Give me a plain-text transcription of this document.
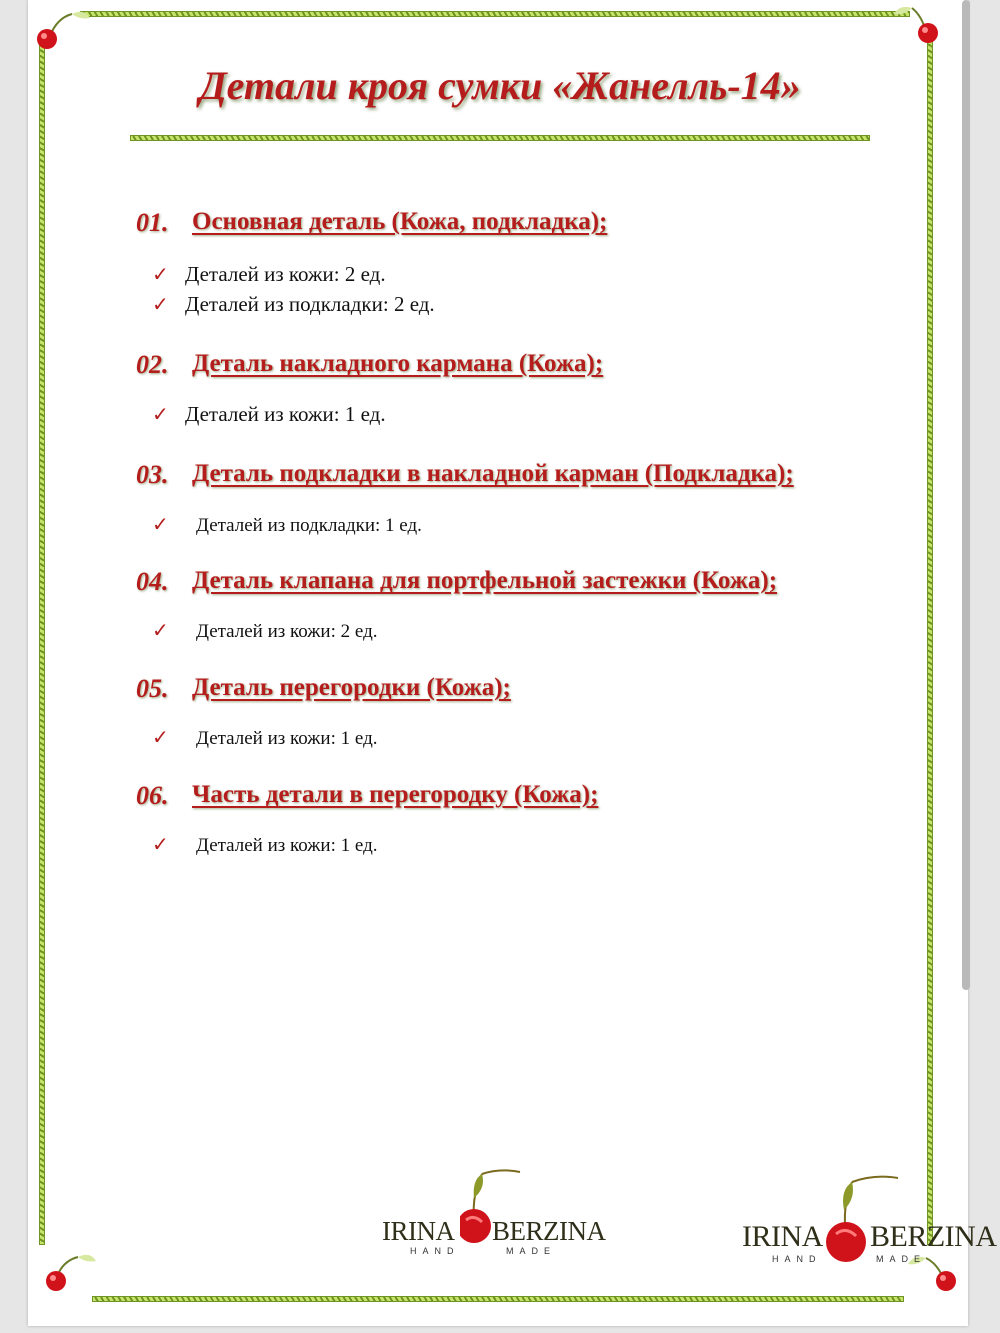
Детали кроя сумки «Жанелль-14»
01. Основная деталь (Кожа, подкладка);
✓ Деталей из кожи: 2 ед.
✓ Деталей из подкладки: 2 ед.
02. Деталь накладного кармана (Кожа);
✓ Деталей из кожи: 1 ед.
03. Деталь подкладки в накладной карман (Подкладка);
✓ Деталей из подкладки: 1 ед.
04. Деталь клапана для портфельной застежки (Кожа);
✓ Деталей из кожи: 2 ед.
05. Деталь перегородки (Кожа);
✓ Деталей из кожи: 1 ед.
06. Часть детали в перегородку (Кожа);
✓ Деталей из кожи: 1 ед.
IRINA BERZINA
HAND	MADE	IRINA BERZINA
HAND	MADE
